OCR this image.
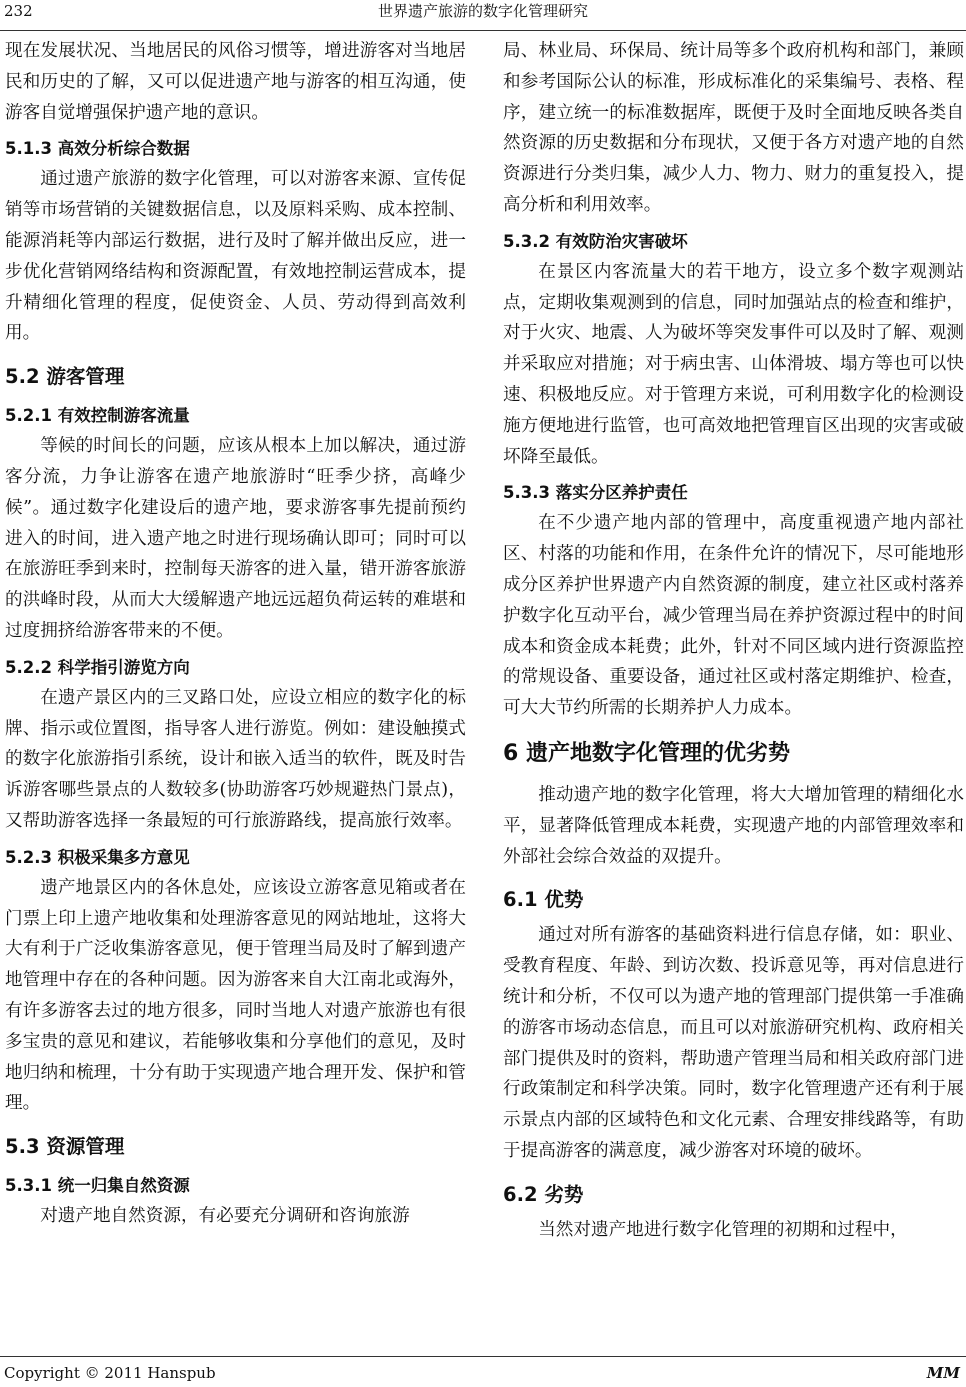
232	世界遗产旅游的数字化管理研究

现在发展状况、当地居民的风俗习惯等，增进游客对当地居民和历史的了解，又可以促进遗产地与游客的相互沟通，使游客自觉增强保护遗产地的意识。

5.1.3 高效分析综合数据

通过遗产旅游的数字化管理，可以对游客来源、宣传促销等市场营销的关键数据信息，以及原料采购、成本控制、能源消耗等内部运行数据，进行及时了解并做出反应，进一步优化营销网络结构和资源配置，有效地控制运营成本，提升精细化管理的程度，促使资金、人员、劳动得到高效利用。

5.2 游客管理
5.2.1 有效控制游客流量

等候的时间长的问题，应该从根本上加以解决，通过游客分流，力争让游客在遗产地旅游时“旺季少挤，高峰少候”。通过数字化建设后的遗产地，要求游客事先提前预约进入的时间，进入遗产地之时进行现场确认即可；同时可以在旅游旺季到来时，控制每天游客的进入量，错开游客旅游的洪峰时段，从而大大缓解遗产地远远超负荷运转的难堪和过度拥挤给游客带来的不便。

5.2.2 科学指引游览方向

在遗产景区内的三叉路口处，应设立相应的数字化的标牌、指示或位置图，指导客人进行游览。例如：建设触摸式的数字化旅游指引系统，设计和嵌入适当的软件，既及时告诉游客哪些景点的人数较多(协助游客巧妙规避热门景点)，又帮助游客选择一条最短的可行旅游路线，提高旅行效率。

5.2.3 积极采集多方意见

遗产地景区内的各休息处，应该设立游客意见箱或者在门票上印上遗产地收集和处理游客意见的网站地址，这将大大有利于广泛收集游客意见，便于管理当局及时了解到遗产地管理中存在的各种问题。因为游客来自大江南北或海外，有许多游客去过的地方很多，同时当地人对遗产旅游也有很多宝贵的意见和建议，若能够收集和分享他们的意见，及时地归纳和梳理，十分有助于实现遗产地合理开发、保护和管理。

5.3 资源管理
5.3.1 统一归集自然资源

对遗产地自然资源，有必要充分调研和咨询旅游

局、林业局、环保局、统计局等多个政府机构和部门，兼顾和参考国际公认的标准，形成标准化的采集编号、表格、程序，建立统一的标准数据库，既便于及时全面地反映各类自然资源的历史数据和分布现状，又便于各方对遗产地的自然资源进行分类归集，减少人力、物力、财力的重复投入，提高分析和利用效率。

5.3.2 有效防治灾害破坏

在景区内客流量大的若干地方，设立多个数字观测站点，定期收集观测到的信息，同时加强站点的检查和维护，对于火灾、地震、人为破坏等突发事件可以及时了解、观测并采取应对措施；对于病虫害、山体滑坡、塌方等也可以快速、积极地反应。对于管理方来说，可利用数字化的检测设施方便地进行监管，也可高效地把管理盲区出现的灾害或破坏降至最低。

5.3.3 落实分区养护责任

在不少遗产地内部的管理中，高度重视遗产地内部社区、村落的功能和作用，在条件允许的情况下，尽可能地形成分区养护世界遗产内自然资源的制度，建立社区或村落养护数字化互动平台，减少管理当局在养护资源过程中的时间成本和资金成本耗费；此外，针对不同区域内进行资源监控的常规设备、重要设备，通过社区或村落定期维护、检查，可大大节约所需的长期养护人力成本。

6 遗产地数字化管理的优劣势

推动遗产地的数字化管理，将大大增加管理的精细化水平，显著降低管理成本耗费，实现遗产地的内部管理效率和外部社会综合效益的双提升。

6.1 优势

通过对所有游客的基础资料进行信息存储，如：职业、受教育程度、年龄、到访次数、投诉意见等，再对信息进行统计和分析，不仅可以为遗产地的管理部门提供第一手准确的游客市场动态信息，而且可以对旅游研究机构、政府相关部门提供及时的资料，帮助遗产管理当局和相关政府部门进行政策制定和科学决策。同时，数字化管理遗产还有利于展示景点内部的区域特色和文化元素、合理安排线路等，有助于提高游客的满意度，减少游客对环境的破坏。

6.2 劣势

当然对遗产地进行数字化管理的初期和过程中，

Copyright © 2011 Hanspub	MM
